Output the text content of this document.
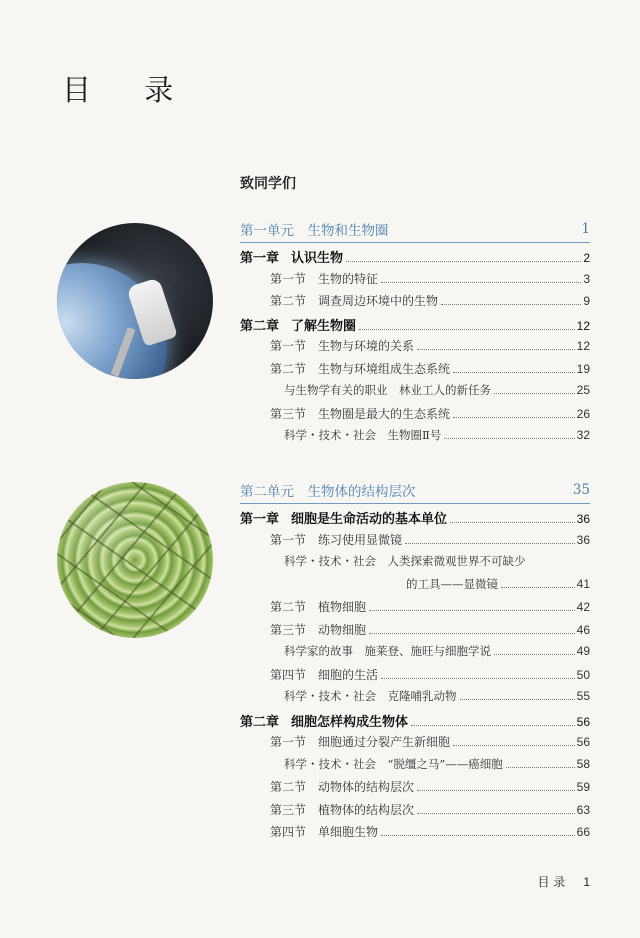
目 录
致同学们
第一单元　 生物和生物圈	1
第一章 认识生物	2
第一节 生物的特征	3
第二节 调查周边环境中的生物	9
第二章 了解生物圈	12
第一节 生物与环境的关系	12
第二节 生物与环境组成生态系统	19
与生物学有关的职业　林业工人的新任务	25
第三节 生物圈是最大的生态系统	26
科学・技术・社会　生物圈Ⅱ号	32
第二单元　 生物体的结构层次	35
第一章 细胞是生命活动的基本单位	36
第一节 练习使用显微镜	36
科学・技术・社会　人类探索微观世界不可缺少
的工具——显微镜	41
第二节 植物细胞	42
第三节 动物细胞	46
科学家的故事　施莱登、施旺与细胞学说	49
第四节 细胞的生活	50
科学・技术・社会　克隆哺乳动物	55
第二章 细胞怎样构成生物体	56
第一节 细胞通过分裂产生新细胞	56
科学・技术・社会　“脱缰之马”——癌细胞	58
第二节 动物体的结构层次	59
第三节 植物体的结构层次	63
第四节 单细胞生物	66
目 录 1
